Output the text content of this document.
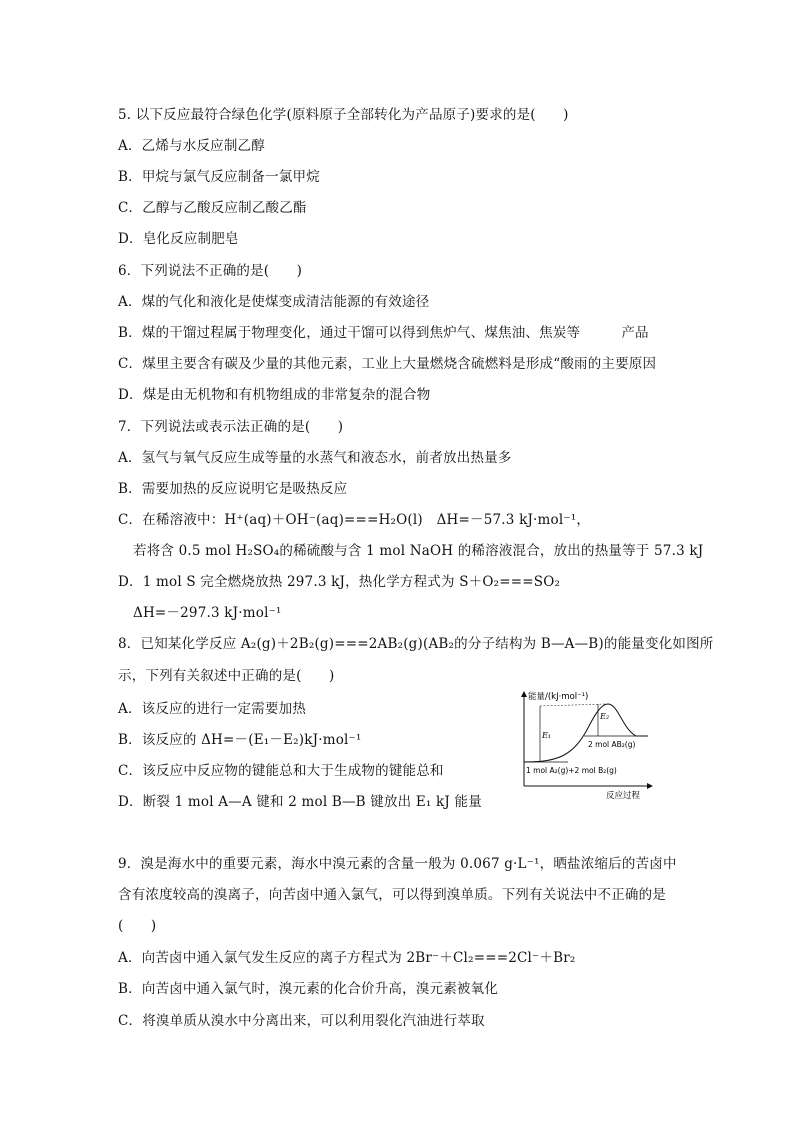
5. 以下反应最符合绿色化学(原料原子全部转化为产品原子)要求的是(　　)
A．乙烯与水反应制乙醇
B．甲烷与氯气反应制备一氯甲烷
C．乙醇与乙酸反应制乙酸乙酯
D．皂化反应制肥皂
6．下列说法不正确的是(　　)
A．煤的气化和液化是使煤变成清洁能源的有效途径
B．煤的干馏过程属于物理变化，通过干馏可以得到焦炉气、煤焦油、焦炭等　　　产品
C．煤里主要含有碳及少量的其他元素，工业上大量燃烧含硫燃料是形成“酸雨的主要原因
D．煤是由无机物和有机物组成的非常复杂的混合物
7．下列说法或表示法正确的是(　　)
A．氢气与氧气反应生成等量的水蒸气和液态水，前者放出热量多
B．需要加热的反应说明它是吸热反应
C．在稀溶液中：H⁺(aq)＋OH⁻(aq)===H₂O(l)　ΔH=－57.3 kJ·mol⁻¹，
若将含 0.5 mol H₂SO₄的稀硫酸与含 1 mol NaOH 的稀溶液混合，放出的热量等于 57.3 kJ
D．1 mol S 完全燃烧放热 297.3 kJ，热化学方程式为 S＋O₂===SO₂
ΔH=－297.3 kJ·mol⁻¹
8．已知某化学反应 A₂(g)＋2B₂(g)===2AB₂(g)(AB₂的分子结构为 B—A—B)的能量变化如图所
示，下列有关叙述中正确的是(　　)
A．该反应的进行一定需要加热
B．该反应的 ΔH=－(E₁－E₂)kJ·mol⁻¹
C．该反应中反应物的键能总和大于生成物的键能总和
D．断裂 1 mol A—A 键和 2 mol B—B 键放出 E₁ kJ 能量
能量/(kJ·mol⁻¹)
E₁
E₂
2 mol AB₂(g)
1 mol A₂(g)+2 mol B₂(g)
反应过程
9．溴是海水中的重要元素，海水中溴元素的含量一般为 0.067 g·L⁻¹，晒盐浓缩后的苦卤中
含有浓度较高的溴离子，向苦卤中通入氯气，可以得到溴单质。下列有关说法中不正确的是
(　　)
A．向苦卤中通入氯气发生反应的离子方程式为 2Br⁻＋Cl₂===2Cl⁻＋Br₂
B．向苦卤中通入氯气时，溴元素的化合价升高，溴元素被氧化
C．将溴单质从溴水中分离出来，可以利用裂化汽油进行萃取
